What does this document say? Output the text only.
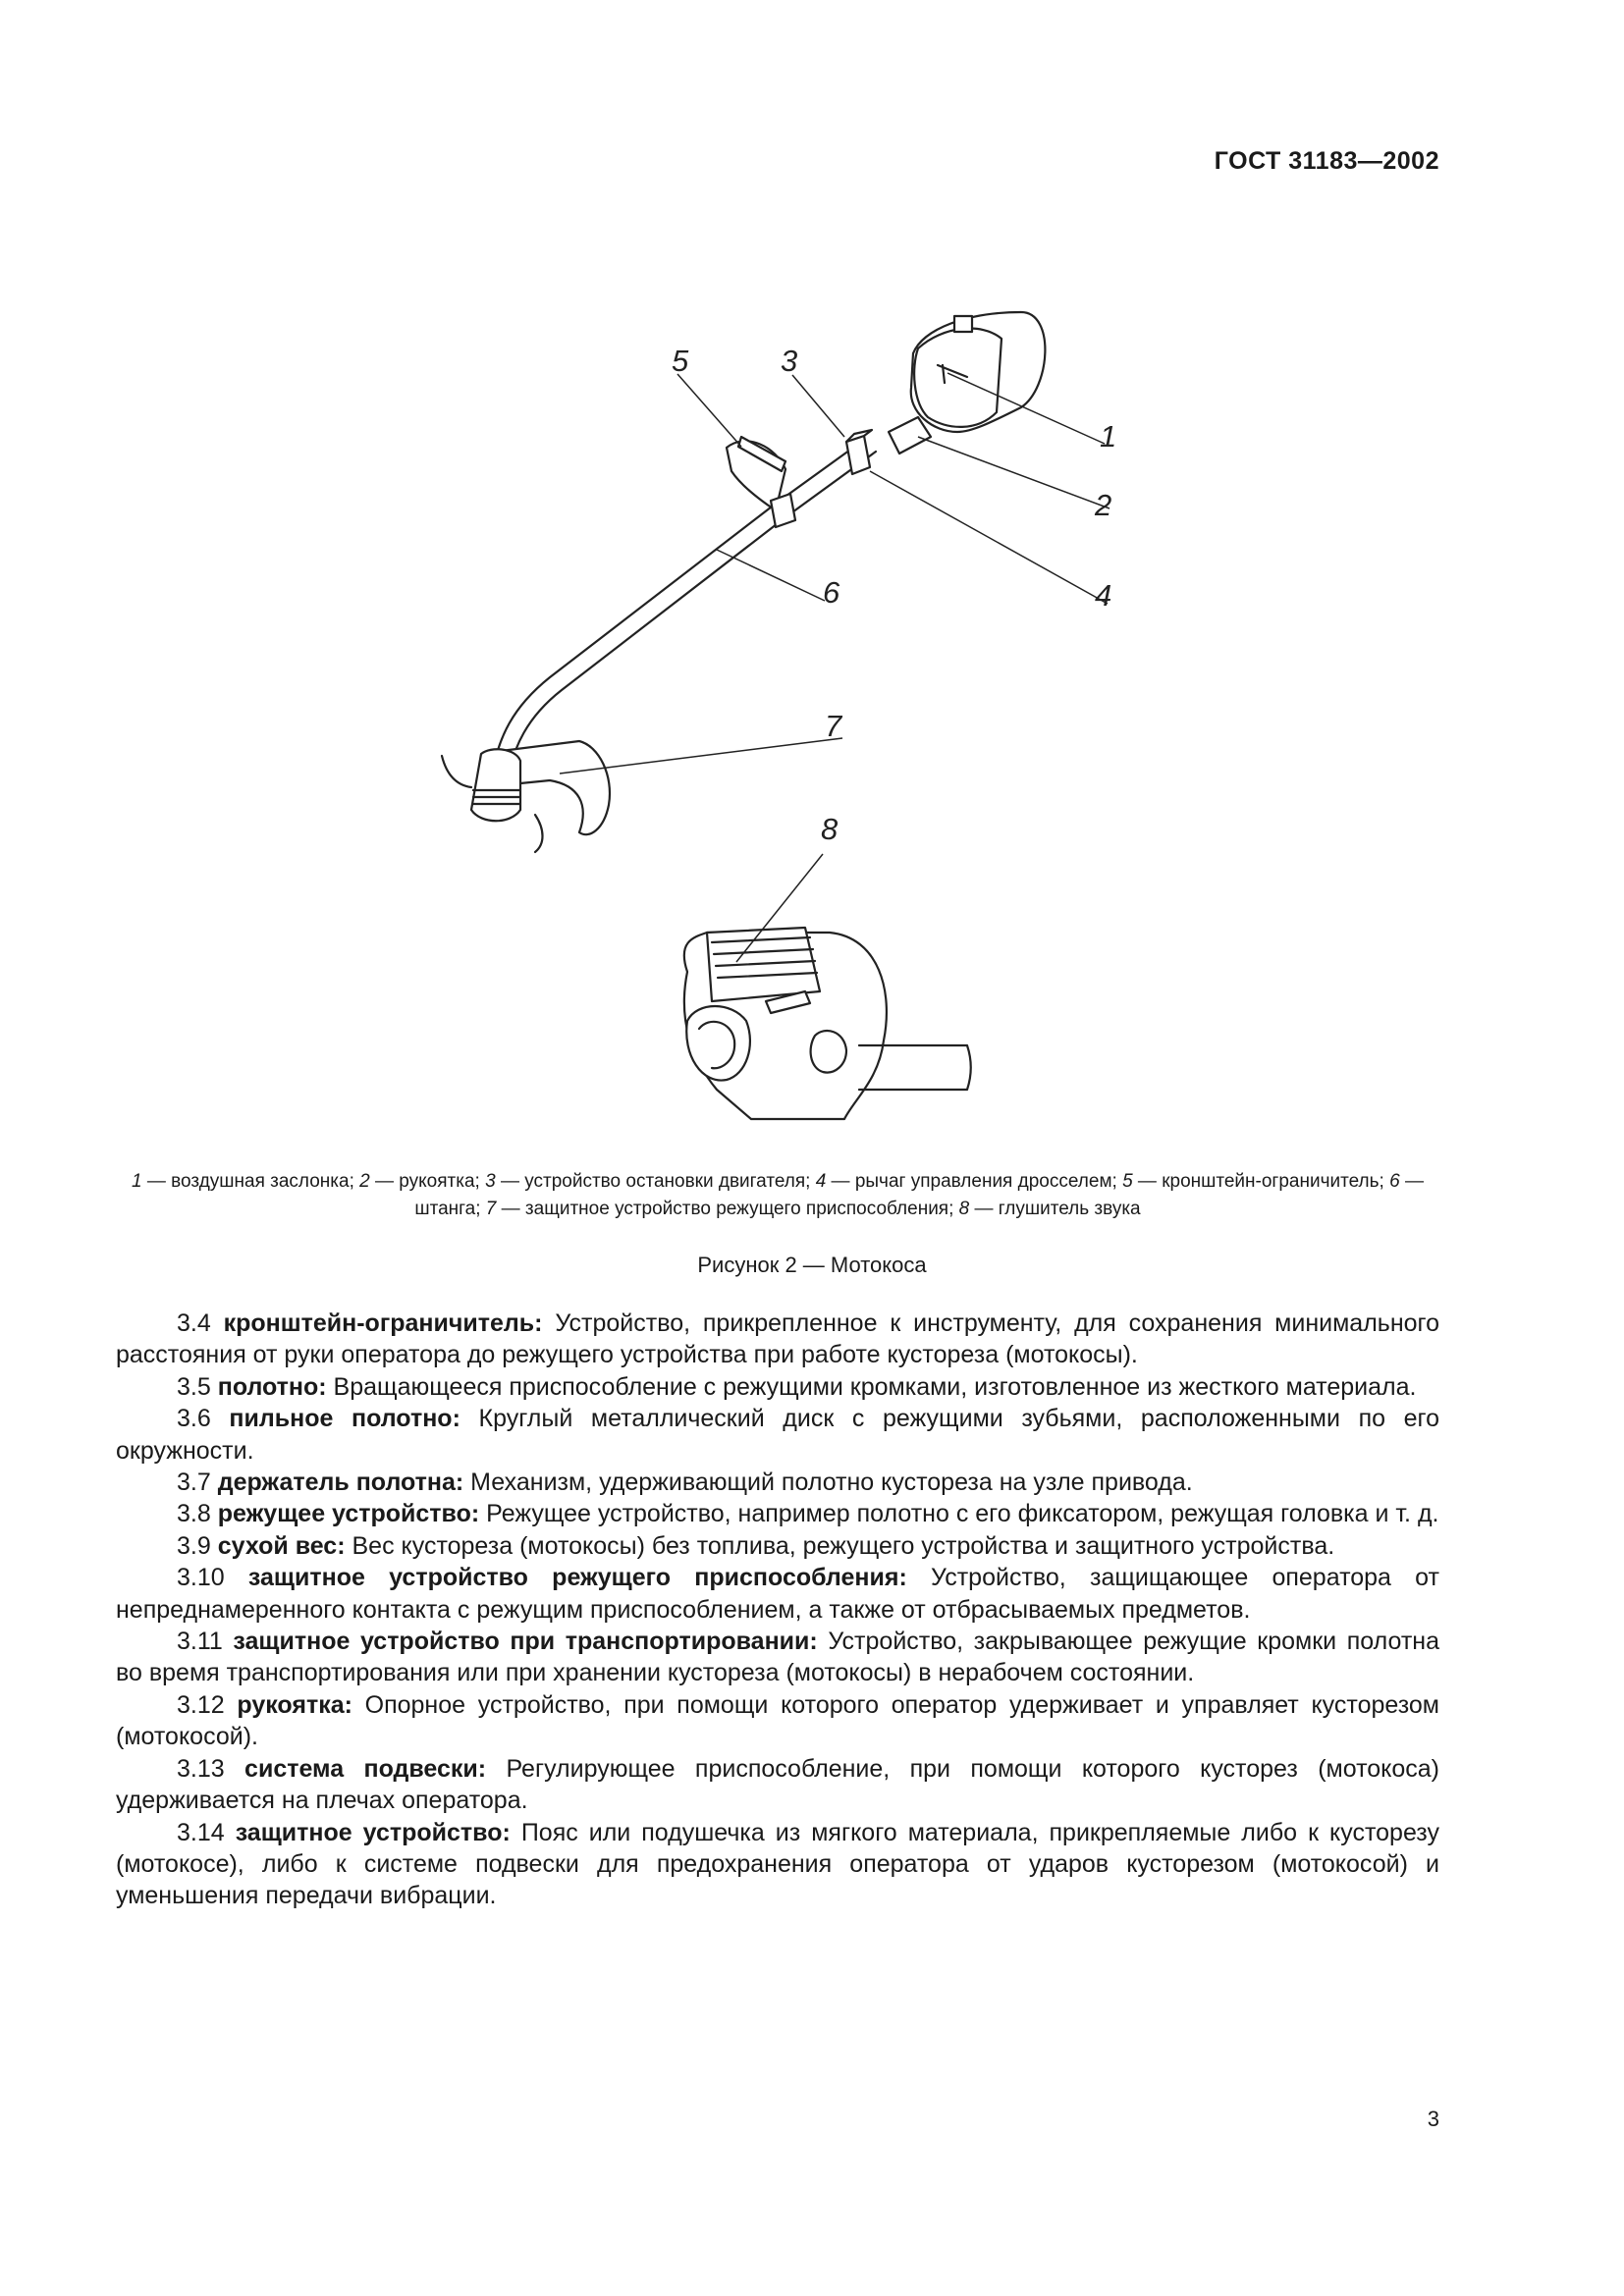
ГОСТ 31183—2002
1
2
3
4
5
6
7
8
1 — воздушная заслонка; 2 — рукоятка; 3 — устройство остановки двигателя; 4 — рычаг управления дросселем; 5 — кронштейн-ограничитель; 6 — штанга; 7 — защитное устройство режущего приспособления; 8 — глушитель звука
Рисунок 2 — Мотокоса

3.4 кронштейн-ограничитель: Устройство, прикрепленное к инструменту, для сохранения минимального расстояния от руки оператора до режущего устройства при работе кустореза (мотокосы).

3.5 полотно: Вращающееся приспособление с режущими кромками, изготовленное из жесткого материала.

3.6 пильное полотно: Круглый металлический диск с режущими зубьями, расположенными по его окружности.

3.7 держатель полотна: Механизм, удерживающий полотно кустореза на узле привода.

3.8 режущее устройство: Режущее устройство, например полотно с его фиксатором, режущая головка и т. д.

3.9 сухой вес: Вес кустореза (мотокосы) без топлива, режущего устройства и защитного устройства.

3.10 защитное устройство режущего приспособления: Устройство, защищающее оператора от непреднамеренного контакта с режущим приспособлением, а также от отбрасываемых предметов.

3.11 защитное устройство при транспортировании: Устройство, закрывающее режущие кромки полотна во время транспортирования или при хранении кустореза (мотокосы) в нерабочем состоянии.

3.12 рукоятка: Опорное устройство, при помощи которого оператор удерживает и управляет кусторезом (мотокосой).

3.13 система подвески: Регулирующее приспособление, при помощи которого кусторез (мотокоса) удерживается на плечах оператора.

3.14 защитное устройство: Пояс или подушечка из мягкого материала, прикрепляемые либо к кусторезу (мотокосе), либо к системе подвески для предохранения оператора от ударов кусторезом (мотокосой) и уменьшения передачи вибрации.

3
